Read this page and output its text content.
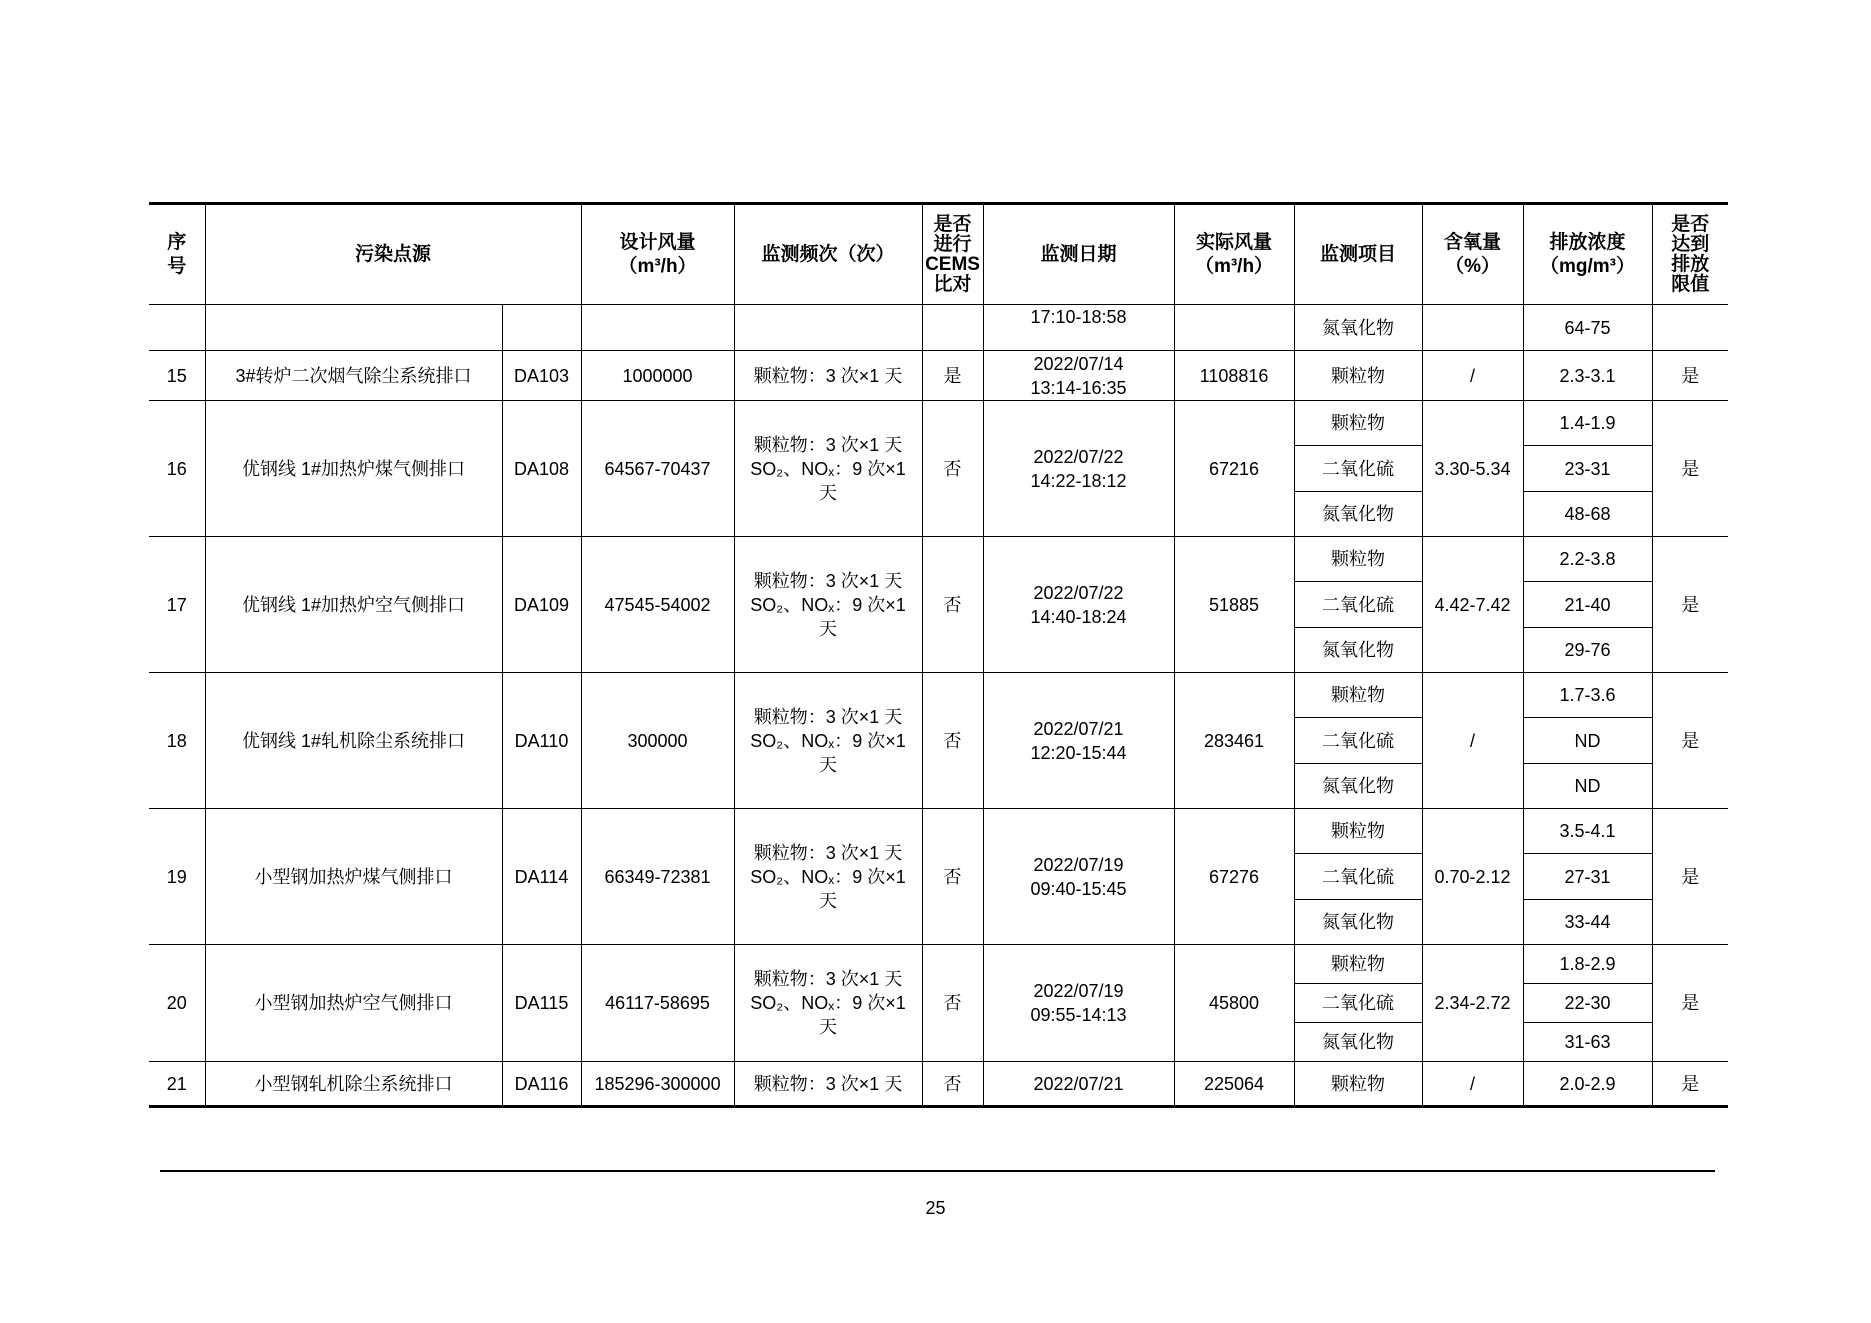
序
号	污染点源		设计风量
（m³/h）	监测频次（次）	是否
进行
CEMS
比对	监测日期	实际风量
（m³/h）	监测项目	含氧量
（%）	排放浓度
（mg/m³）	是否
达到
排放
限值
						17:10-18:58		氮氧化物		64-75	
15	3#转炉二次烟气除尘系统排口	DA103	1000000	颗粒物：3 次×1 天	是	2022/07/14
13:14-16:35	1108816	颗粒物	/	2.3-3.1	是
16	优钢线 1#加热炉煤气侧排口	DA108	64567-70437	颗粒物：3 次×1 天
SO₂、NOₓ：9 次×1
天	否	2022/07/22
14:22-18:12	67216	颗粒物	3.30-5.34	1.4-1.9	是
								二氧化硫		23-31	
								氮氧化物		48-68	
17	优钢线 1#加热炉空气侧排口	DA109	47545-54002	颗粒物：3 次×1 天
SO₂、NOₓ：9 次×1
天	否	2022/07/22
14:40-18:24	51885	颗粒物	4.42-7.42	2.2-3.8	是
								二氧化硫		21-40	
								氮氧化物		29-76	
18	优钢线 1#轧机除尘系统排口	DA110	300000	颗粒物：3 次×1 天
SO₂、NOₓ：9 次×1
天	否	2022/07/21
12:20-15:44	283461	颗粒物	/	1.7-3.6	是
								二氧化硫		ND	
								氮氧化物		ND	
19	小型钢加热炉煤气侧排口	DA114	66349-72381	颗粒物：3 次×1 天
SO₂、NOₓ：9 次×1
天	否	2022/07/19
09:40-15:45	67276	颗粒物	0.70-2.12	3.5-4.1	是
								二氧化硫		27-31	
								氮氧化物		33-44	
20	小型钢加热炉空气侧排口	DA115	46117-58695	颗粒物：3 次×1 天
SO₂、NOₓ：9 次×1
天	否	2022/07/19
09:55-14:13	45800	颗粒物	2.34-2.72	1.8-2.9	是
								二氧化硫		22-30	
								氮氧化物		31-63	
21	小型钢轧机除尘系统排口	DA116	185296-300000	颗粒物：3 次×1 天	否	2022/07/21	225064	颗粒物	/	2.0-2.9	是
25
